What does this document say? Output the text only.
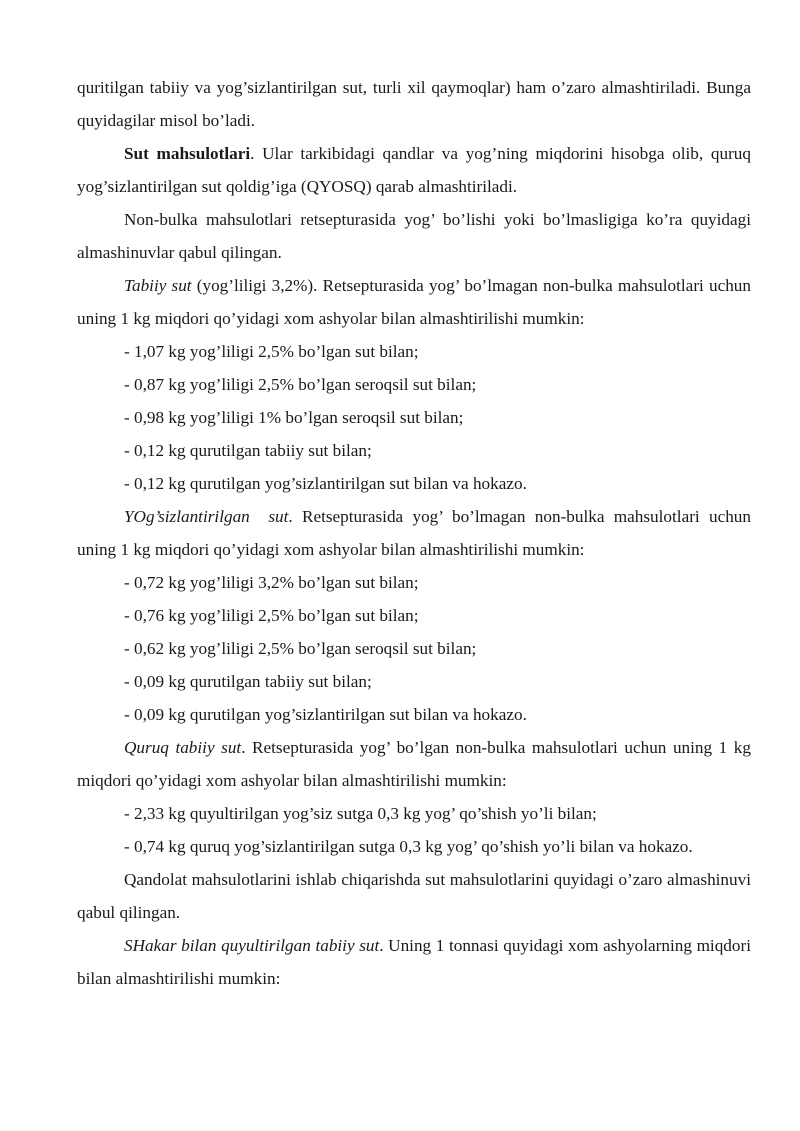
quritilgan tabiiy va yog’sizlantirilgan sut, turli xil qaymoqlar) ham o’zaro almashtiriladi. Bunga quyidagilar misol bo’ladi.

Sut mahsulotlari. Ular tarkibidagi qandlar va yog’ning miqdorini hisobga olib, quruq yog’sizlantirilgan sut qoldig’iga (QYOSQ) qarab almashtiriladi.

Non-bulka mahsulotlari retsepturasida yog’ bo’lishi yoki bo’lmasligiga ko’ra quyidagi almashinuvlar qabul qilingan.

Tabiiy sut (yog’liligi 3,2%). Retsepturasida yog’ bo’lmagan non-bulka mahsulotlari uchun uning 1 kg miqdori qo’yidagi xom ashyolar bilan almashtirilishi mumkin:

- 1,07 kg yog’liligi 2,5% bo’lgan sut bilan;

- 0,87 kg yog’liligi 2,5% bo’lgan seroqsil sut bilan;

- 0,98 kg yog’liligi 1% bo’lgan seroqsil sut bilan;

- 0,12 kg qurutilgan tabiiy sut bilan;

- 0,12 kg qurutilgan yog’sizlantirilgan sut bilan va hokazo.

YOg’sizlantirilgan  sut. Retsepturasida yog’ bo’lmagan non-bulka mahsulotlari uchun uning 1 kg miqdori qo’yidagi xom ashyolar bilan almashtirilishi mumkin:

- 0,72 kg yog’liligi 3,2% bo’lgan sut bilan;

- 0,76 kg yog’liligi 2,5% bo’lgan sut bilan;

- 0,62 kg yog’liligi 2,5% bo’lgan seroqsil sut bilan;

- 0,09 kg qurutilgan tabiiy sut bilan;

- 0,09 kg qurutilgan yog’sizlantirilgan sut bilan va hokazo.

Quruq tabiiy sut. Retsepturasida yog’ bo’lgan non-bulka mahsulotlari uchun uning 1 kg miqdori qo’yidagi xom ashyolar bilan almashtirilishi mumkin:

- 2,33 kg quyultirilgan yog’siz sutga 0,3 kg yog’ qo’shish yo’li bilan;

- 0,74 kg quruq yog’sizlantirilgan sutga 0,3 kg yog’ qo’shish yo’li bilan va hokazo.

Qandolat mahsulotlarini ishlab chiqarishda sut mahsulotlarini quyidagi o’zaro almashinuvi qabul qilingan.

SHakar bilan quyultirilgan tabiiy sut. Uning 1 tonnasi quyidagi xom ashyolarning miqdori bilan almashtirilishi mumkin:
